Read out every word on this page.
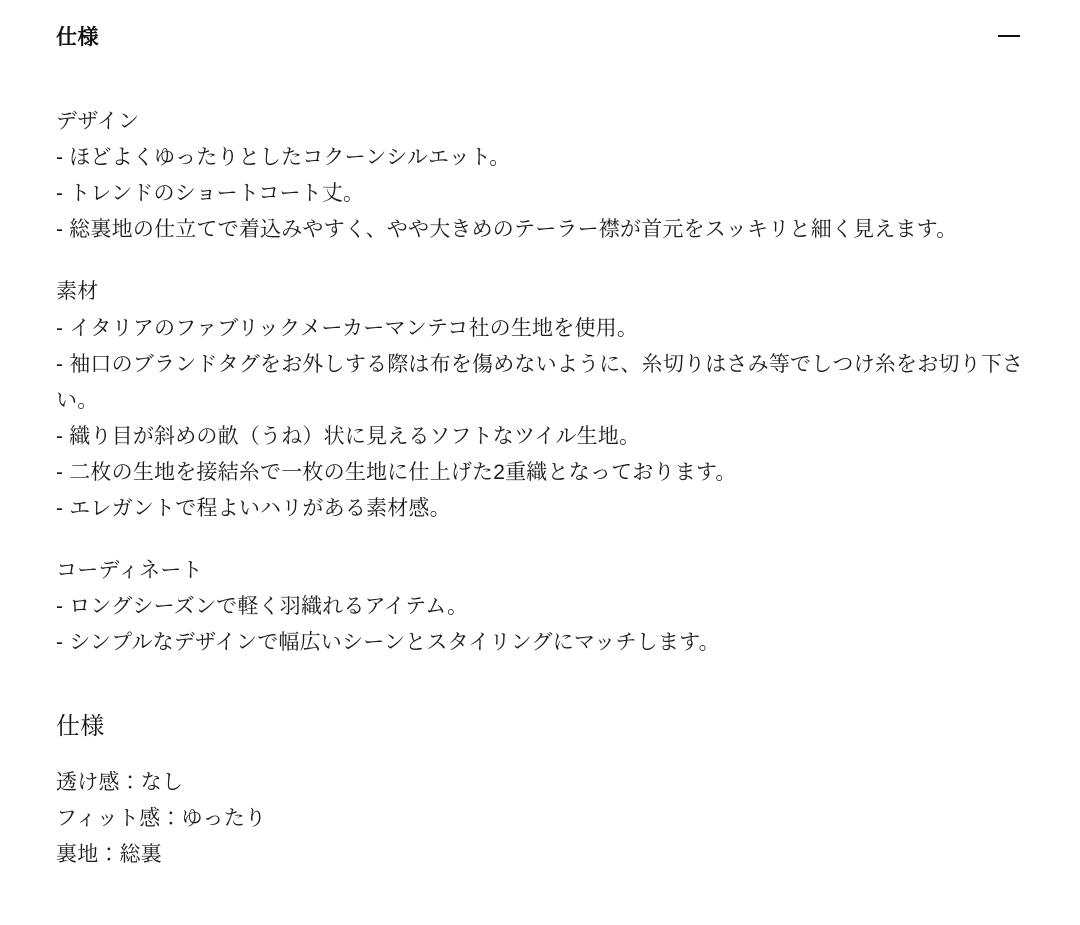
仕様

デザイン

- ほどよくゆったりとしたコクーンシルエット。

- トレンドのショートコート丈。

- 総裏地の仕立てで着込みやすく、やや大きめのテーラー襟が首元をスッキリと細く見えます。

素材

- イタリアのファブリックメーカーマンテコ社の生地を使用。

- 袖口のブランドタグをお外しする際は布を傷めないように、糸切りはさみ等でしつけ糸をお切り下さい。

- 織り目が斜めの畝（うね）状に見えるソフトなツイル生地。

- 二枚の生地を接結糸で一枚の生地に仕上げた2重織となっております。

- エレガントで程よいハリがある素材感。

コーディネート

- ロングシーズンで軽く羽織れるアイテム。

- シンプルなデザインで幅広いシーンとスタイリングにマッチします。

仕様

透け感：なし

フィット感：ゆったり

裏地：総裏
